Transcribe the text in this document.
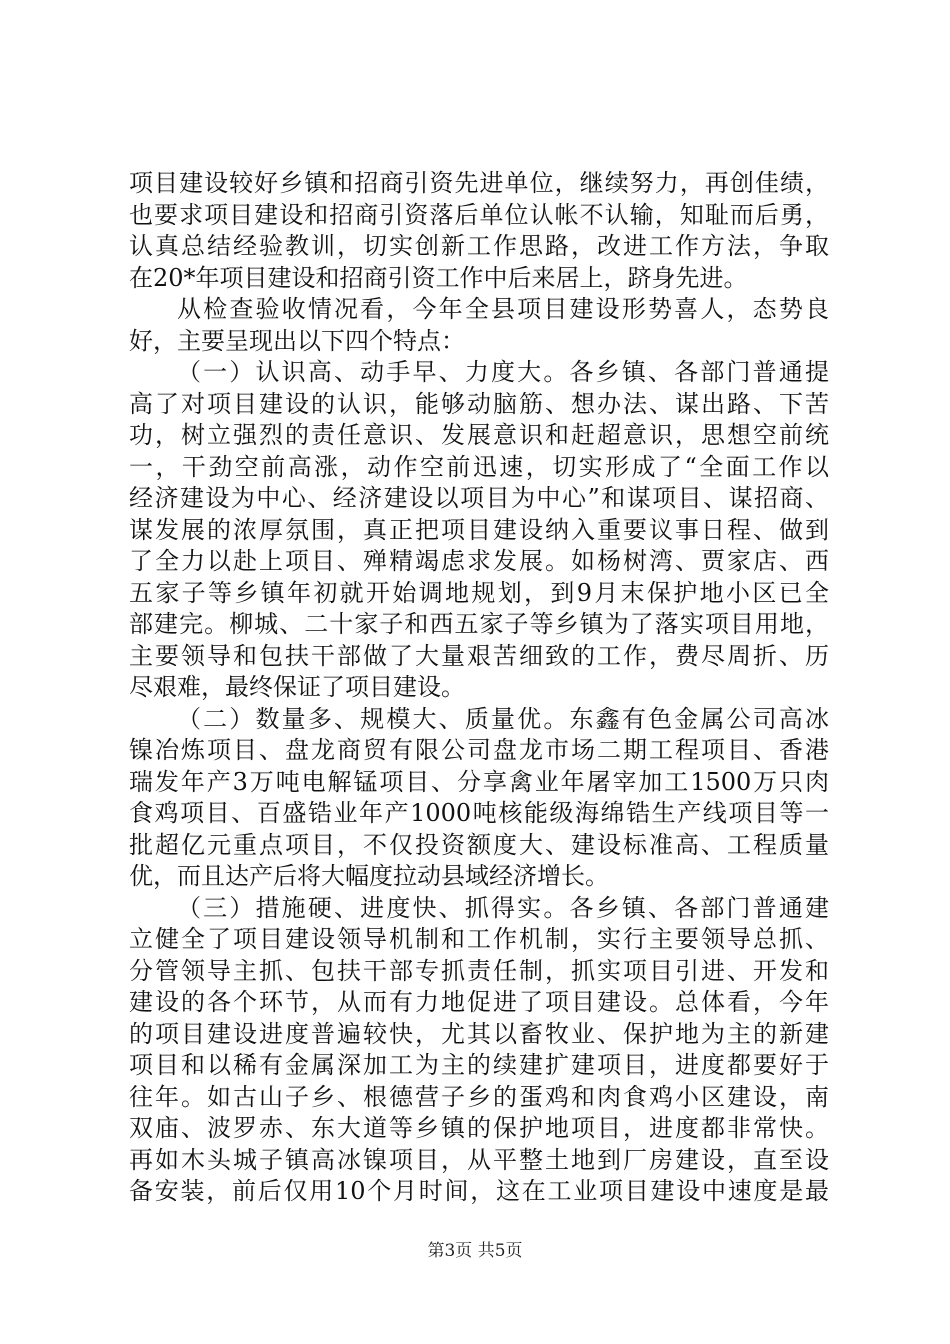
项目建设较好乡镇和招商引资先进单位，继续努力，再创佳绩，
也要求项目建设和招商引资落后单位认帐不认输，知耻而后勇，
认真总结经验教训，切实创新工作思路，改进工作方法，争取
在20*年项目建设和招商引资工作中后来居上，跻身先进。
从检查验收情况看，今年全县项目建设形势喜人，态势良
好，主要呈现出以下四个特点：
（一）认识高、动手早、力度大。各乡镇、各部门普通提
高了对项目建设的认识，能够动脑筋、想办法、谋出路、下苦
功，树立强烈的责任意识、发展意识和赶超意识，思想空前统
一，干劲空前高涨，动作空前迅速，切实形成了“全面工作以
经济建设为中心、经济建设以项目为中心”和谋项目、谋招商、
谋发展的浓厚氛围，真正把项目建设纳入重要议事日程、做到
了全力以赴上项目、殚精竭虑求发展。如杨树湾、贾家店、西
五家子等乡镇年初就开始调地规划，到9月末保护地小区已全
部建完。柳城、二十家子和西五家子等乡镇为了落实项目用地，
主要领导和包扶干部做了大量艰苦细致的工作，费尽周折、历
尽艰难，最终保证了项目建设。
（二）数量多、规模大、质量优。东鑫有色金属公司高冰
镍冶炼项目、盘龙商贸有限公司盘龙市场二期工程项目、香港
瑞发年产3万吨电解锰项目、分享禽业年屠宰加工1500万只肉
食鸡项目、百盛锆业年产1000吨核能级海绵锆生产线项目等一
批超亿元重点项目，不仅投资额度大、建设标准高、工程质量
优，而且达产后将大幅度拉动县域经济增长。
（三）措施硬、进度快、抓得实。各乡镇、各部门普通建
立健全了项目建设领导机制和工作机制，实行主要领导总抓、
分管领导主抓、包扶干部专抓责任制，抓实项目引进、开发和
建设的各个环节，从而有力地促进了项目建设。总体看，今年
的项目建设进度普遍较快，尤其以畜牧业、保护地为主的新建
项目和以稀有金属深加工为主的续建扩建项目，进度都要好于
往年。如古山子乡、根德营子乡的蛋鸡和肉食鸡小区建设，南
双庙、波罗赤、东大道等乡镇的保护地项目，进度都非常快。
再如木头城子镇高冰镍项目，从平整土地到厂房建设，直至设
备安装，前后仅用10个月时间，这在工业项目建设中速度是最
第3页 共5页
